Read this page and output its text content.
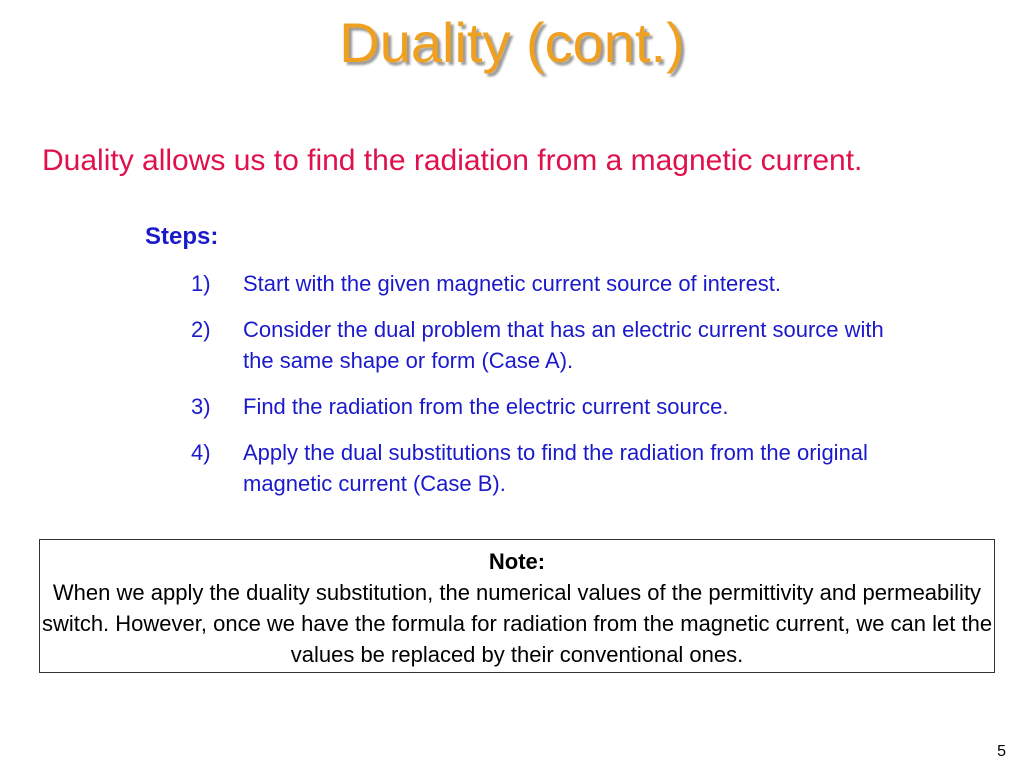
Duality (cont.)
Duality allows us to find the radiation from a magnetic current.
Steps:
1)	Start with the given magnetic current source of interest.
2)	Consider the dual problem that has an electric current source with the same shape or form (Case A).
3)	Find the radiation from the electric current source.
4)	Apply the dual substitutions to find the radiation from the original magnetic current (Case B).
Note:
When we apply the duality substitution, the numerical values of the permittivity and permeability switch. However, once we have the formula for radiation from the magnetic current, we can let the values be replaced by their conventional ones.
5
